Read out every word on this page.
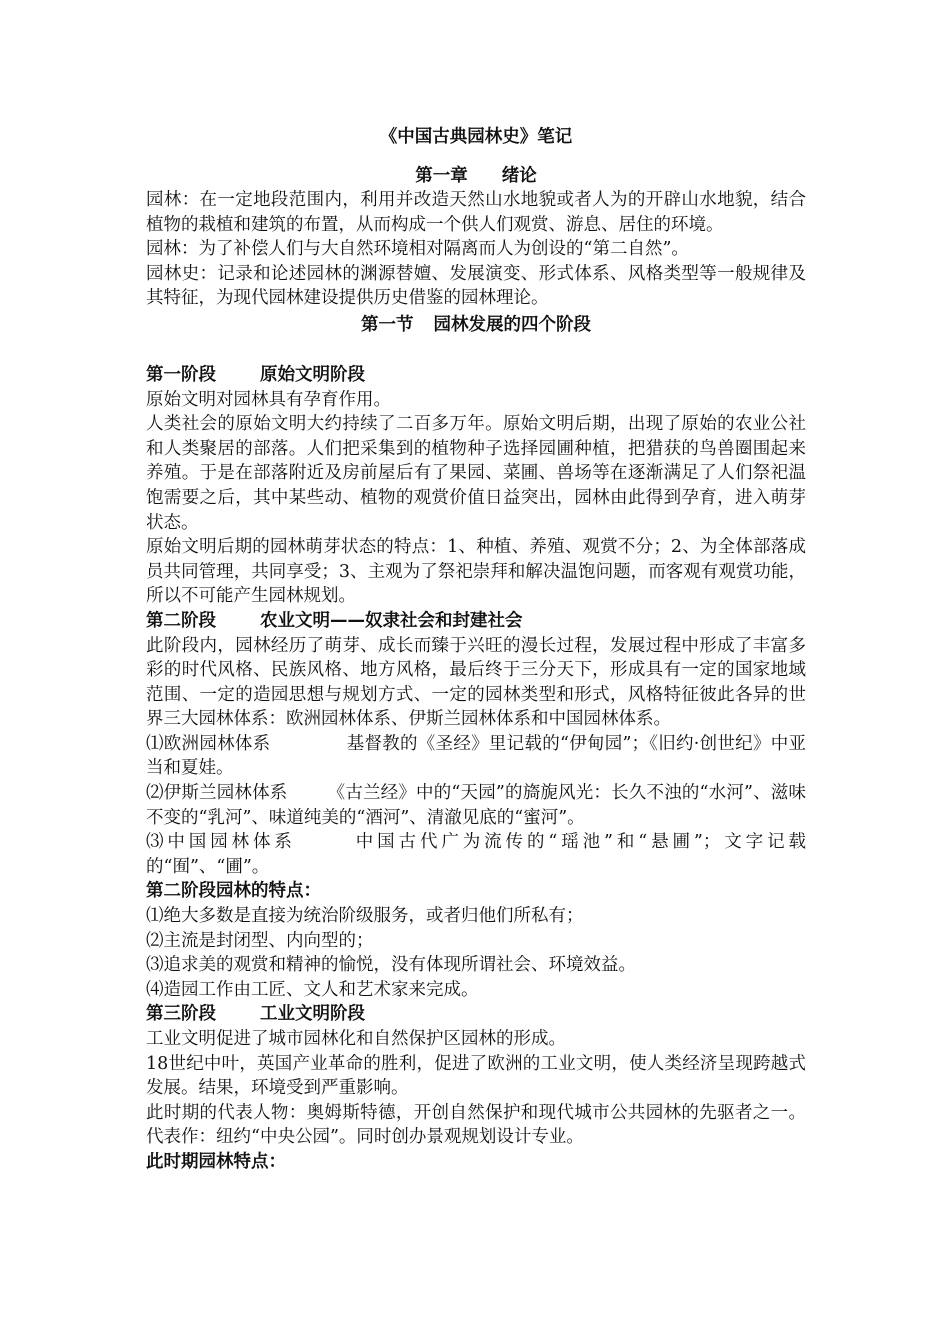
《中国古典园林史》笔记
第一章 绪论

园林：在一定地段范围内，利用并改造天然山水地貌或者人为的开辟山水地貌，结合植物的栽植和建筑的布置，从而构成一个供人们观赏、游息、居住的环境。

园林：为了补偿人们与大自然环境相对隔离而人为创设的“第二自然”。

园林史：记录和论述园林的渊源替嬗、发展演变、形式体系、风格类型等一般规律及其特征，为现代园林建设提供历史借鉴的园林理论。

第一节 园林发展的四个阶段
第一阶段	原始文明阶段

原始文明对园林具有孕育作用。

人类社会的原始文明大约持续了二百多万年。原始文明后期，出现了原始的农业公社和人类聚居的部落。人们把采集到的植物种子选择园圃种植，把猎获的鸟兽圈围起来养殖。于是在部落附近及房前屋后有了果园、菜圃、兽场等在逐渐满足了人们祭祀温饱需要之后，其中某些动、植物的观赏价值日益突出，园林由此得到孕育，进入萌芽状态。

原始文明后期的园林萌芽状态的特点：1、种植、养殖、观赏不分；2、为全体部落成员共同管理，共同享受；3、主观为了祭祀崇拜和解决温饱问题，而客观有观赏功能，所以不可能产生园林规划。

第二阶段	农业文明——奴隶社会和封建社会

此阶段内，园林经历了萌芽、成长而臻于兴旺的漫长过程，发展过程中形成了丰富多彩的时代风格、民族风格、地方风格，最后终于三分天下，形成具有一定的国家地域范围、一定的造园思想与规划方式、一定的园林类型和形式，风格特征彼此各异的世界三大园林体系：欧洲园林体系、伊斯兰园林体系和中国园林体系。

⑴欧洲园林体系	基督教的《圣经》里记载的“伊甸园”；《旧约·创世纪》中亚当和夏娃。

⑵伊斯兰园林体系 《古兰经》中的“天园”的旖旎风光：长久不浊的“水河”、滋味不变的“乳河”、味道纯美的“酒河”、清澈见底的“蜜河”。

⑶中国园林体系	中国古代广为流传的“瑶池”和“悬圃”；文字记载的“囿”、“圃”。

第二阶段园林的特点：

⑴绝大多数是直接为统治阶级服务，或者归他们所私有；

⑵主流是封闭型、内向型的；

⑶追求美的观赏和精神的愉悦，没有体现所谓社会、环境效益。

⑷造园工作由工匠、文人和艺术家来完成。

第三阶段	工业文明阶段

工业文明促进了城市园林化和自然保护区园林的形成。

18世纪中叶，英国产业革命的胜利，促进了欧洲的工业文明，使人类经济呈现跨越式发展。结果，环境受到严重影响。

此时期的代表人物：奥姆斯特德，开创自然保护和现代城市公共园林的先驱者之一。代表作：纽约“中央公园”。同时创办景观规划设计专业。

此时期园林特点：
